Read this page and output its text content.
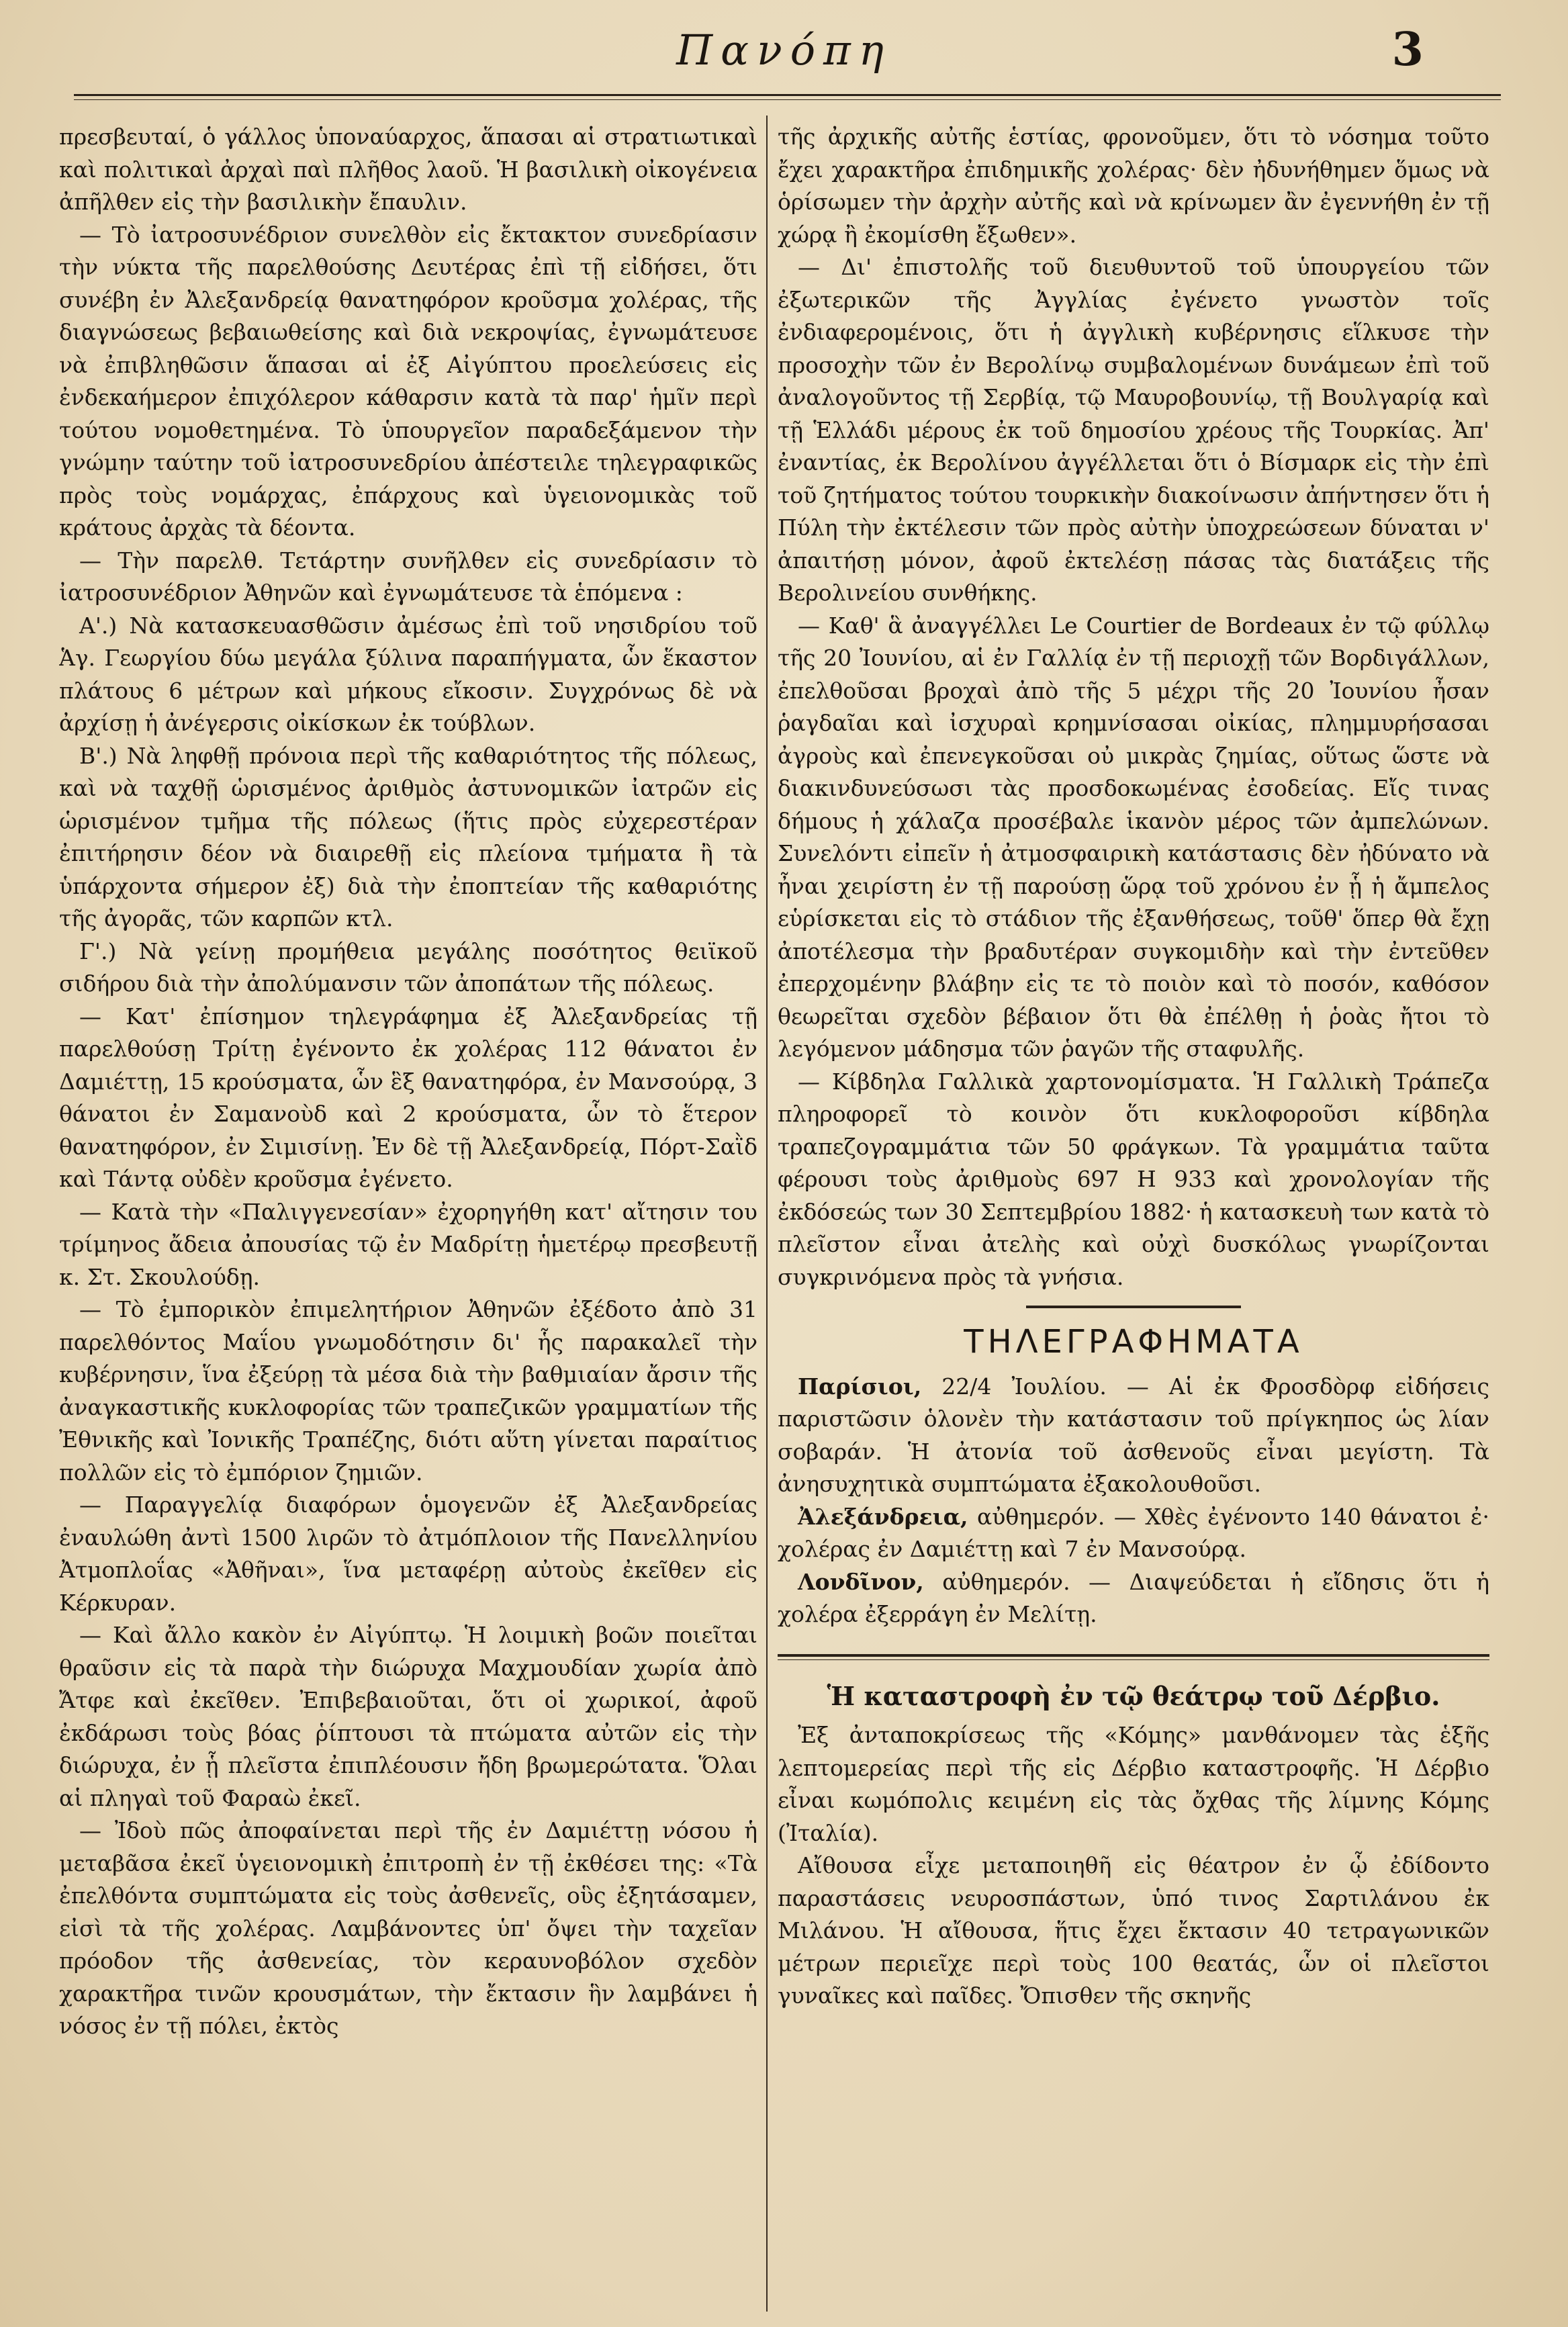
Πανόπη	3

πρεσβευταί, ὁ γάλλος ὑποναύαρχος, ἅπασαι αἱ στρατιωτικαὶ καὶ πολιτικαὶ ἀρχαὶ παὶ πλῆθος λαοῦ. Ἡ βασιλικὴ οἰκογένεια ἀπῆλθεν εἰς τὴν βασιλικὴν ἔπαυλιν.

— Τὸ ἰατροσυνέδριον συνελθὸν εἰς ἔκτακτον συνεδρίασιν τὴν νύκτα τῆς παρελθούσης Δευτέρας ἐπὶ τῇ εἰδήσει, ὅτι συνέβη ἐν Ἀλεξανδρείᾳ θανατηφόρον κροῦσμα χολέρας, τῆς διαγνώσεως βεβαιωθείσης καὶ διὰ νεκροψίας, ἐγνωμάτευσε νὰ ἐπιβληθῶσιν ἅπασαι αἱ ἐξ Αἰγύπτου προελεύσεις εἰς ἐνδεκαήμερον ἐπιχόλερον κάθαρσιν κατὰ τὰ παρ' ἡμῖν περὶ τούτου νομοθετημένα. Τὸ ὑπουργεῖον παραδεξάμενον τὴν γνώμην ταύτην τοῦ ἰατροσυνεδρίου ἀπέστειλε τηλεγραφικῶς πρὸς τοὺς νομάρχας, ἐπάρχους καὶ ὑγειονομικὰς τοῦ κράτους ἀρχὰς τὰ δέοντα.

— Τὴν παρελθ. Τετάρτην συνῆλθεν εἰς συνεδρίασιν τὸ ἰατροσυνέδριον Ἀθηνῶν καὶ ἐγνωμάτευσε τὰ ἑπόμενα :

Α'.) Νὰ κατασκευασθῶσιν ἀμέσως ἐπὶ τοῦ νησιδρίου τοῦ Ἁγ. Γεωργίου δύω μεγάλα ξύλινα παραπήγματα, ὧν ἕκαστον πλάτους 6 μέτρων καὶ μήκους εἴκοσιν. Συγχρόνως δὲ νὰ ἀρχίσῃ ἡ ἀνέγερσις οἰκίσκων ἐκ τούβλων.

Β'.) Νὰ ληφθῇ πρόνοια περὶ τῆς καθαριότητος τῆς πόλεως, καὶ νὰ ταχθῇ ὡρισμένος ἀριθμὸς ἀστυνομικῶν ἰατρῶν εἰς ὡρισμένον τμῆμα τῆς πόλεως (ἥτις πρὸς εὐχερεστέραν ἐπιτήρησιν δέον νὰ διαιρεθῇ εἰς πλείονα τμήματα ἢ τὰ ὑπάρχοντα σήμερον ἐξ) διὰ τὴν ἐποπτείαν τῆς καθαριότης τῆς ἀγορᾶς, τῶν καρπῶν κτλ.

Γ'.) Νὰ γείνῃ προμήθεια μεγάλης ποσότητος θειϊκοῦ σιδήρου διὰ τὴν ἀπολύμανσιν τῶν ἀποπάτων τῆς πόλεως.

— Κατ' ἐπίσημον τηλεγράφημα ἐξ Ἀλεξανδρείας τῇ παρελθούσῃ Τρίτῃ ἐγένοντο ἐκ χολέρας 112 θάνατοι ἐν Δαμιέττῃ, 15 κρούσματα, ὧν ἓξ θανατηφόρα, ἐν Μανσούρᾳ, 3 θάνατοι ἐν Σαμανοὺδ καὶ 2 κρούσματα, ὧν τὸ ἕτερον θανατηφόρον, ἐν Σιμισίνῃ. Ἐν δὲ τῇ Ἀλεξανδρείᾳ, Πόρτ-Σαῒδ καὶ Τάντᾳ οὐδὲν κροῦσμα ἐγένετο.

— Κατὰ τὴν «Παλιγγενεσίαν» ἐχορηγήθη κατ' αἴτησιν του τρίμηνος ἄδεια ἀπουσίας τῷ ἐν Μαδρίτῃ ἡμετέρῳ πρεσβευτῇ κ. Στ. Σκουλούδῃ.

— Τὸ ἐμπορικὸν ἐπιμελητήριον Ἀθηνῶν ἐξέδοτο ἀπὸ 31 παρελθόντος Μαΐου γνωμοδότησιν δι' ἧς παρακαλεῖ τὴν κυβέρνησιν, ἵνα ἐξεύρῃ τὰ μέσα διὰ τὴν βαθμιαίαν ἄρσιν τῆς ἀναγκαστικῆς κυκλοφορίας τῶν τραπεζικῶν γραμματίων τῆς Ἐθνικῆς καὶ Ἰονικῆς Τραπέζης, διότι αὕτη γίνεται παραίτιος πολλῶν εἰς τὸ ἐμπόριον ζημιῶν.

— Παραγγελίᾳ διαφόρων ὁμογενῶν ἐξ Ἀλεξανδρείας ἐναυλώθη ἀντὶ 1500 λιρῶν τὸ ἀτμόπλοιον τῆς Πανελληνίου Ἀτμοπλοΐας «Ἀθῆναι», ἵνα μεταφέρῃ αὐτοὺς ἐκεῖθεν εἰς Κέρκυραν.

— Καὶ ἄλλο κακὸν ἐν Αἰγύπτῳ. Ἡ λοιμικὴ βοῶν ποιεῖται θραῦσιν εἰς τὰ παρὰ τὴν διώρυχα Μαχμουδίαν χωρία ἀπὸ Ἄτφε καὶ ἐκεῖθεν. Ἐπιβεβαιοῦται, ὅτι οἱ χωρικοί, ἀφοῦ ἐκδάρωσι τοὺς βόας ῥίπτουσι τὰ πτώματα αὐτῶν εἰς τὴν διώρυχα, ἐν ᾗ πλεῖστα ἐπιπλέουσιν ἤδη βρωμερώτατα. Ὅλαι αἱ πληγαὶ τοῦ Φαραὼ ἐκεῖ.

— Ἰδοὺ πῶς ἀποφαίνεται περὶ τῆς ἐν Δαμιέττῃ νόσου ἡ μεταβᾶσα ἐκεῖ ὑγειονομικὴ ἐπιτροπὴ ἐν τῇ ἐκθέσει της: «Τὰ ἐπελθόντα συμπτώματα εἰς τοὺς ἀσθενεῖς, οὓς ἐξητάσαμεν, εἰσὶ τὰ τῆς χολέρας. Λαμβάνοντες ὑπ' ὄψει τὴν ταχεῖαν πρόοδον τῆς ἀσθενείας, τὸν κεραυνοβόλον σχεδὸν χαρακτῆρα τινῶν κρουσμάτων, τὴν ἔκτασιν ἣν λαμβάνει ἡ νόσος ἐν τῇ πόλει, ἐκτὸς

τῆς ἀρχικῆς αὐτῆς ἑστίας, φρονοῦμεν, ὅτι τὸ νόσημα τοῦτο ἔχει χαρακτῆρα ἐπιδημικῆς χολέρας· δὲν ἠδυνήθημεν ὅμως νὰ ὁρίσωμεν τὴν ἀρχὴν αὐτῆς καὶ νὰ κρίνωμεν ἂν ἐγεννήθη ἐν τῇ χώρᾳ ἢ ἐκομίσθη ἔξωθεν».

— Δι' ἐπιστολῆς τοῦ διευθυντοῦ τοῦ ὑπουργείου τῶν ἐξωτερικῶν τῆς Ἀγγλίας ἐγένετο γνωστὸν τοῖς ἐνδιαφερομένοις, ὅτι ἡ ἀγγλικὴ κυβέρνησις εἵλκυσε τὴν προσοχὴν τῶν ἐν Βερολίνῳ συμβαλομένων δυνάμεων ἐπὶ τοῦ ἀναλογοῦντος τῇ Σερβίᾳ, τῷ Μαυροβουνίῳ, τῇ Βουλγαρίᾳ καὶ τῇ Ἑλλάδι μέρους ἐκ τοῦ δημοσίου χρέους τῆς Τουρκίας. Ἀπ' ἐναντίας, ἐκ Βερολίνου ἀγγέλλεται ὅτι ὁ Βίσμαρκ εἰς τὴν ἐπὶ τοῦ ζητήματος τούτου τουρκικὴν διακοίνωσιν ἀπήντησεν ὅτι ἡ Πύλη τὴν ἐκτέλεσιν τῶν πρὸς αὐτὴν ὑποχρεώσεων δύναται ν' ἀπαιτήσῃ μόνον, ἀφοῦ ἐκτελέσῃ πάσας τὰς διατάξεις τῆς Βερολινείου συνθήκης.

— Καθ' ἃ ἀναγγέλλει Le Courtier de Bordeaux ἐν τῷ φύλλῳ τῆς 20 Ἰουνίου, αἱ ἐν Γαλλίᾳ ἐν τῇ περιοχῇ τῶν Βορδιγάλλων, ἐπελθοῦσαι βροχαὶ ἀπὸ τῆς 5 μέχρι τῆς 20 Ἰουνίου ἦσαν ῥαγδαῖαι καὶ ἰσχυραὶ κρημνίσασαι οἰκίας, πλημμυρήσασαι ἀγροὺς καὶ ἐπενεγκοῦσαι οὐ μικρὰς ζημίας, οὕτως ὥστε νὰ διακινδυνεύσωσι τὰς προσδοκωμένας ἐσοδείας. Εἴς τινας δήμους ἡ χάλαζα προσέβαλε ἱκανὸν μέρος τῶν ἀμπελώνων. Συνελόντι εἰπεῖν ἡ ἀτμοσφαιρικὴ κατάστασις δὲν ἠδύνατο νὰ ἦναι χειρίστη ἐν τῇ παρούσῃ ὥρᾳ τοῦ χρόνου ἐν ᾗ ἡ ἄμπελος εὑρίσκεται εἰς τὸ στάδιον τῆς ἐξανθήσεως, τοῦθ' ὅπερ θὰ ἔχῃ ἀποτέλεσμα τὴν βραδυτέραν συγκομιδὴν καὶ τὴν ἐντεῦθεν ἐπερχομένην βλάβην εἰς τε τὸ ποιὸν καὶ τὸ ποσόν, καθόσον θεωρεῖται σχεδὸν βέβαιον ὅτι θὰ ἐπέλθῃ ἡ ῥοὰς ἤτοι τὸ λεγόμενον μάδησμα τῶν ῥαγῶν τῆς σταφυλῆς.

— Κίβδηλα Γαλλικὰ χαρτονομίσματα. Ἡ Γαλλικὴ Τράπεζα πληροφορεῖ τὸ κοινὸν ὅτι κυκλοφοροῦσι κίβδηλα τραπεζογραμμάτια τῶν 50 φράγκων. Τὰ γραμμάτια ταῦτα φέρουσι τοὺς ἀριθμοὺς 697 Η 933 καὶ χρονολογίαν τῆς ἐκδόσεώς των 30 Σεπτεμβρίου 1882· ἡ κατασκευὴ των κατὰ τὸ πλεῖστον εἶναι ἀτελὴς καὶ οὐχὶ δυσκόλως γνωρίζονται συγκρινόμενα πρὸς τὰ γνήσια.

ΤΗΛΕΓΡΑΦΗΜΑΤΑ

Παρίσιοι, 22/4 Ἰουλίου. — Αἱ ἐκ Φροσδὸρφ εἰδήσεις παριστῶσιν ὁλονὲν τὴν κατάστασιν τοῦ πρίγκηπος ὡς λίαν σοβαράν. Ἡ ἀτονία τοῦ ἀσθενοῦς εἶναι μεγίστη. Τὰ ἀνησυχητικὰ συμπτώματα ἐξακολουθοῦσι.

Ἀλεξάνδρεια, αὐθημερόν. — Χθὲς ἐγένοντο 140 θάνατοι ἐ· χολέρας ἐν Δαμιέττῃ καὶ 7 ἐν Μανσούρᾳ.

Λονδῖνον, αὐθημερόν. — Διαψεύδεται ἡ εἴδησις ὅτι ἡ χολέρα ἐξερράγη ἐν Μελίτῃ.

Ἡ καταστροφὴ ἐν τῷ θεάτρῳ τοῦ Δέρβιο.

Ἐξ ἀνταποκρίσεως τῆς «Κόμης» μανθάνομεν τὰς ἑξῆς λεπτομερείας περὶ τῆς εἰς Δέρβιο καταστροφῆς. Ἡ Δέρβιο εἶναι κωμόπολις κειμένη εἰς τὰς ὄχθας τῆς λίμνης Κόμης (Ἰταλία).

Αἴθουσα εἶχε μεταποιηθῆ εἰς θέατρον ἐν ᾧ ἐδίδοντο παραστάσεις νευροσπάστων, ὑπό τινος Σαρτιλάνου ἐκ Μιλάνου. Ἡ αἴθουσα, ἥτις ἔχει ἔκτασιν 40 τετραγωνικῶν μέτρων περιεῖχε περὶ τοὺς 100 θεατάς, ὧν οἱ πλεῖστοι γυναῖκες καὶ παῖδες. Ὄπισθεν τῆς σκηνῆς
